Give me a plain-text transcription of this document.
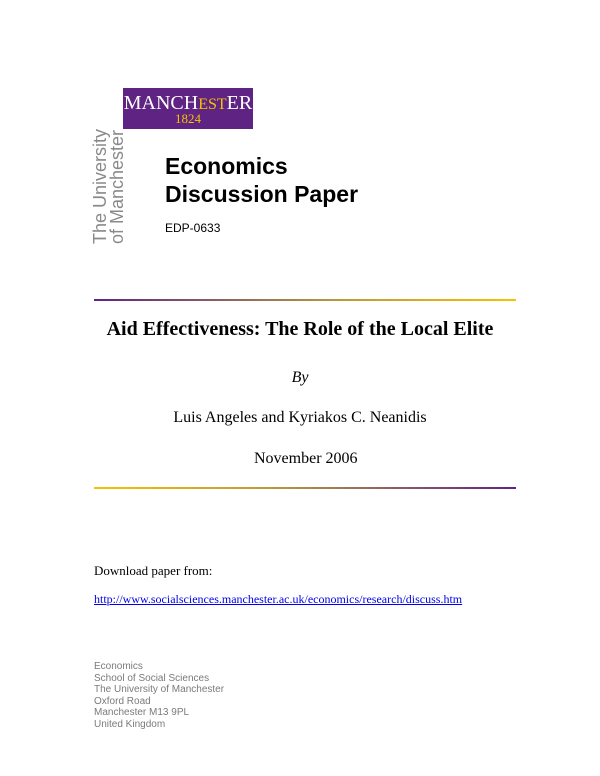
MANCHESTER
1824
The University
of Manchester Economics
Discussion Paper
EDP-0633
Aid Effectiveness: The Role of the Local Elite
By
Luis Angeles and Kyriakos C. Neanidis
November 2006
Download paper from:
http://www.socialsciences.manchester.ac.uk/economics/research/discuss.htm
Economics
School of Social Sciences
The University of Manchester
Oxford Road
Manchester M13 9PL
United Kingdom
